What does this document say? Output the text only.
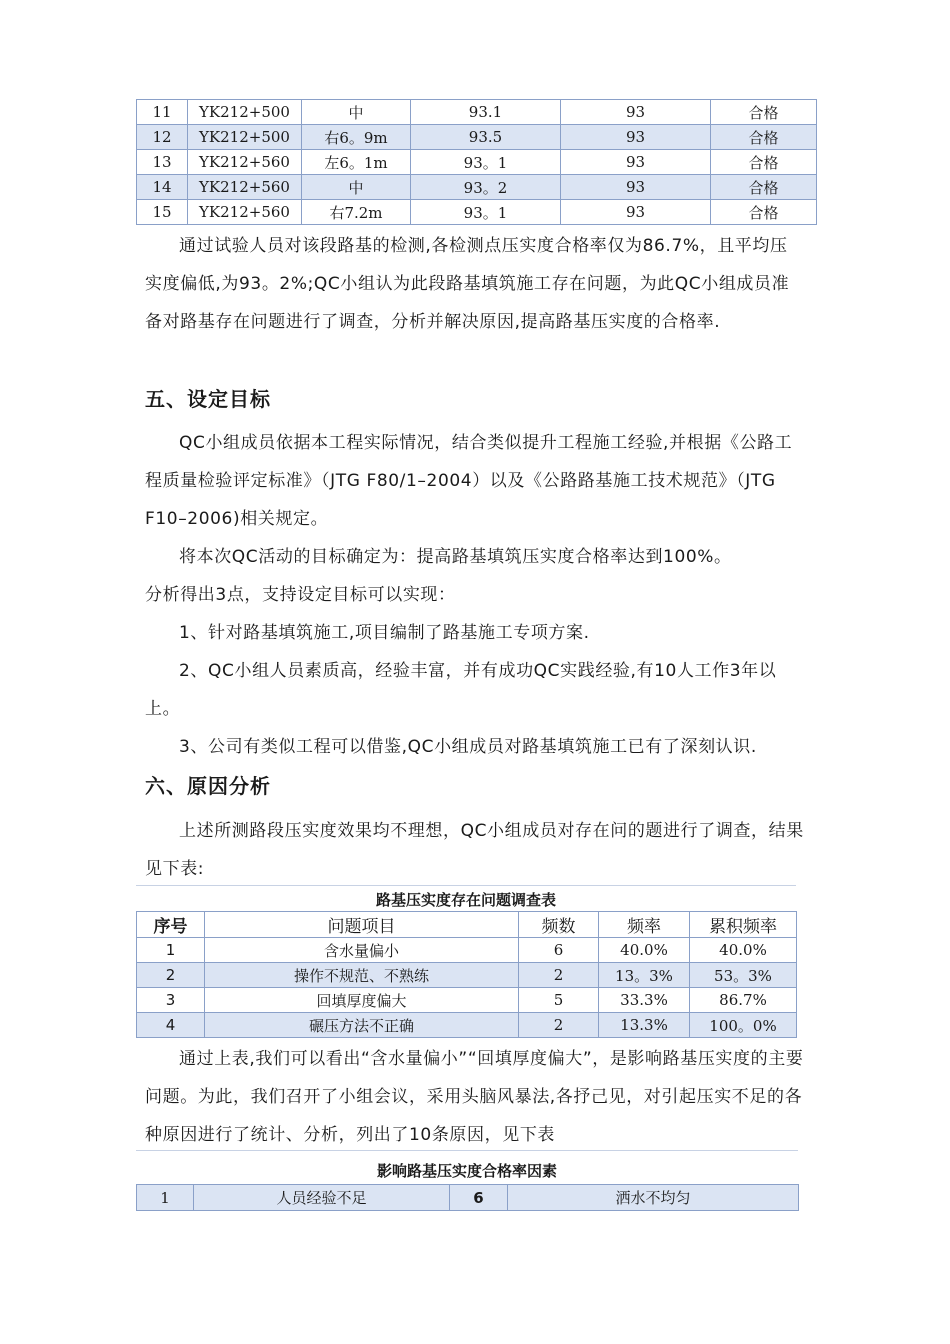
11	YK212+500	中	93.1	93	合格
12	YK212+500	右6。9m	93.5	93	合格
13	YK212+560	左6。1m	93。1	93	合格
14	YK212+560	中	93。2	93	合格
15	YK212+560	右7.2m	93。1	93	合格
通过试验人员对该段路基的检测,各检测点压实度合格率仅为86.7%，且平均压实度偏低,为93。2%;QC小组认为此段路基填筑施工存在问题，为此QC小组成员准备对路基存在问题进行了调查，分析并解决原因,提高路基压实度的合格率.
五、设定目标
QC小组成员依据本工程实际情况，结合类似提升工程施工经验,并根据《公路工程质量检验评定标准》（JTG F80/1–2004）以及《公路路基施工技术规范》（JTG F10–2006)相关规定。
将本次QC活动的目标确定为：提高路基填筑压实度合格率达到100%。
分析得出3点，支持设定目标可以实现：
1、针对路基填筑施工,项目编制了路基施工专项方案.
2、QC小组人员素质高，经验丰富，并有成功QC实践经验,有10人工作3年以上。
3、公司有类似工程可以借鉴,QC小组成员对路基填筑施工已有了深刻认识.
六、原因分析
上述所测路段压实度效果均不理想，QC小组成员对存在问的题进行了调查，结果见下表:
路基压实度存在问题调查表
序号	问题项目	频数	频率	累积频率
1	含水量偏小	6	40.0%	40.0%
2	操作不规范、不熟练	2	13。3%	53。3%
3	回填厚度偏大	5	33.3%	86.7%
4	碾压方法不正确	2	13.3%	100。0%
通过上表,我们可以看出“含水量偏小”“回填厚度偏大”，是影响路基压实度的主要问题。为此，我们召开了小组会议，采用头脑风暴法,各抒己见，对引起压实不足的各种原因进行了统计、分析，列出了10条原因，见下表
影响路基压实度合格率因素
1	人员经验不足	6	洒水不均匀
